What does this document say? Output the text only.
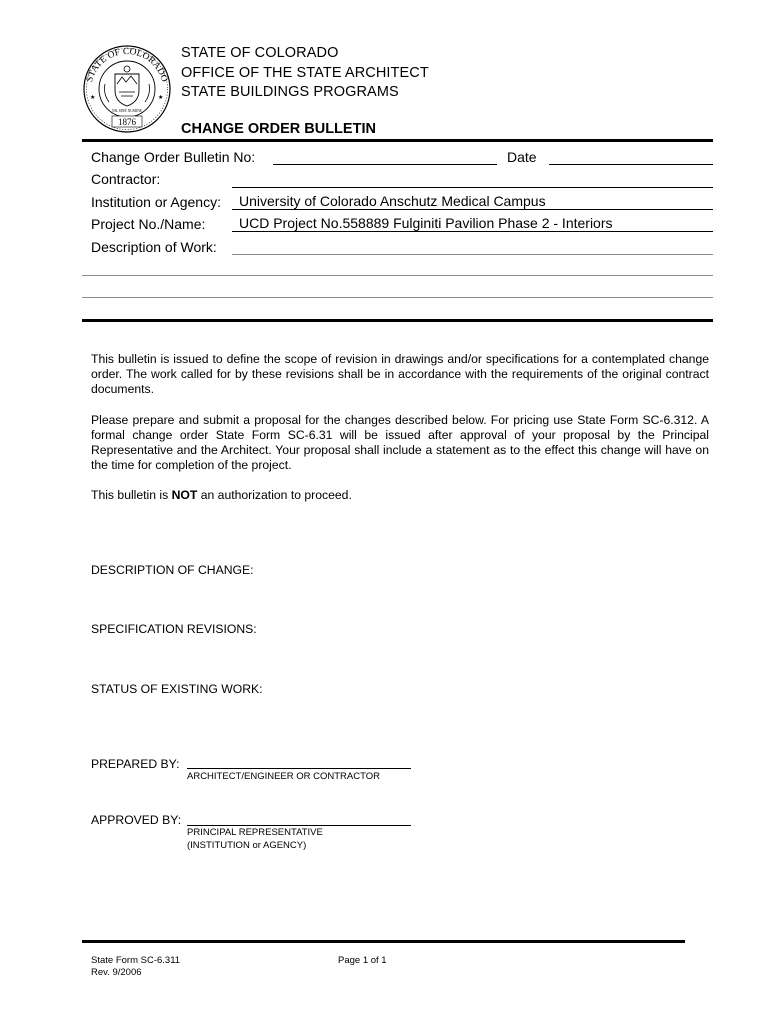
STATE OF COLORADO
NIL SINE NUMINE
1876
★	★
STATE OF COLORADO
OFFICE OF THE STATE ARCHITECT
STATE BUILDINGS PROGRAMS
CHANGE ORDER BULLETIN
Change Order Bulletin No:	Date
Contractor:
Institution or Agency: University of Colorado Anschutz Medical Campus
Project No./Name: UCD Project No.558889 Fulginiti Pavilion Phase 2 - Interiors
Description of Work:
This bulletin is issued to define the scope of revision in drawings and/or specifications for a contemplated change order. The work called for by these revisions shall be in accordance with the requirements of the original contract documents.
Please prepare and submit a proposal for the changes described below. For pricing use State Form SC-6.312. A formal change order State Form SC-6.31 will be issued after approval of your proposal by the Principal Representative and the Architect. Your proposal shall include a statement as to the effect this change will have on the time for completion of the project.
This bulletin is NOT an authorization to proceed.
DESCRIPTION OF CHANGE:
SPECIFICATION REVISIONS:
STATUS OF EXISTING WORK:
PREPARED BY:
ARCHITECT/ENGINEER OR CONTRACTOR
APPROVED BY:
PRINCIPAL REPRESENTATIVE
(INSTITUTION or AGENCY)
State Form SC-6.311
Rev. 9/2006
Page 1 of 1
